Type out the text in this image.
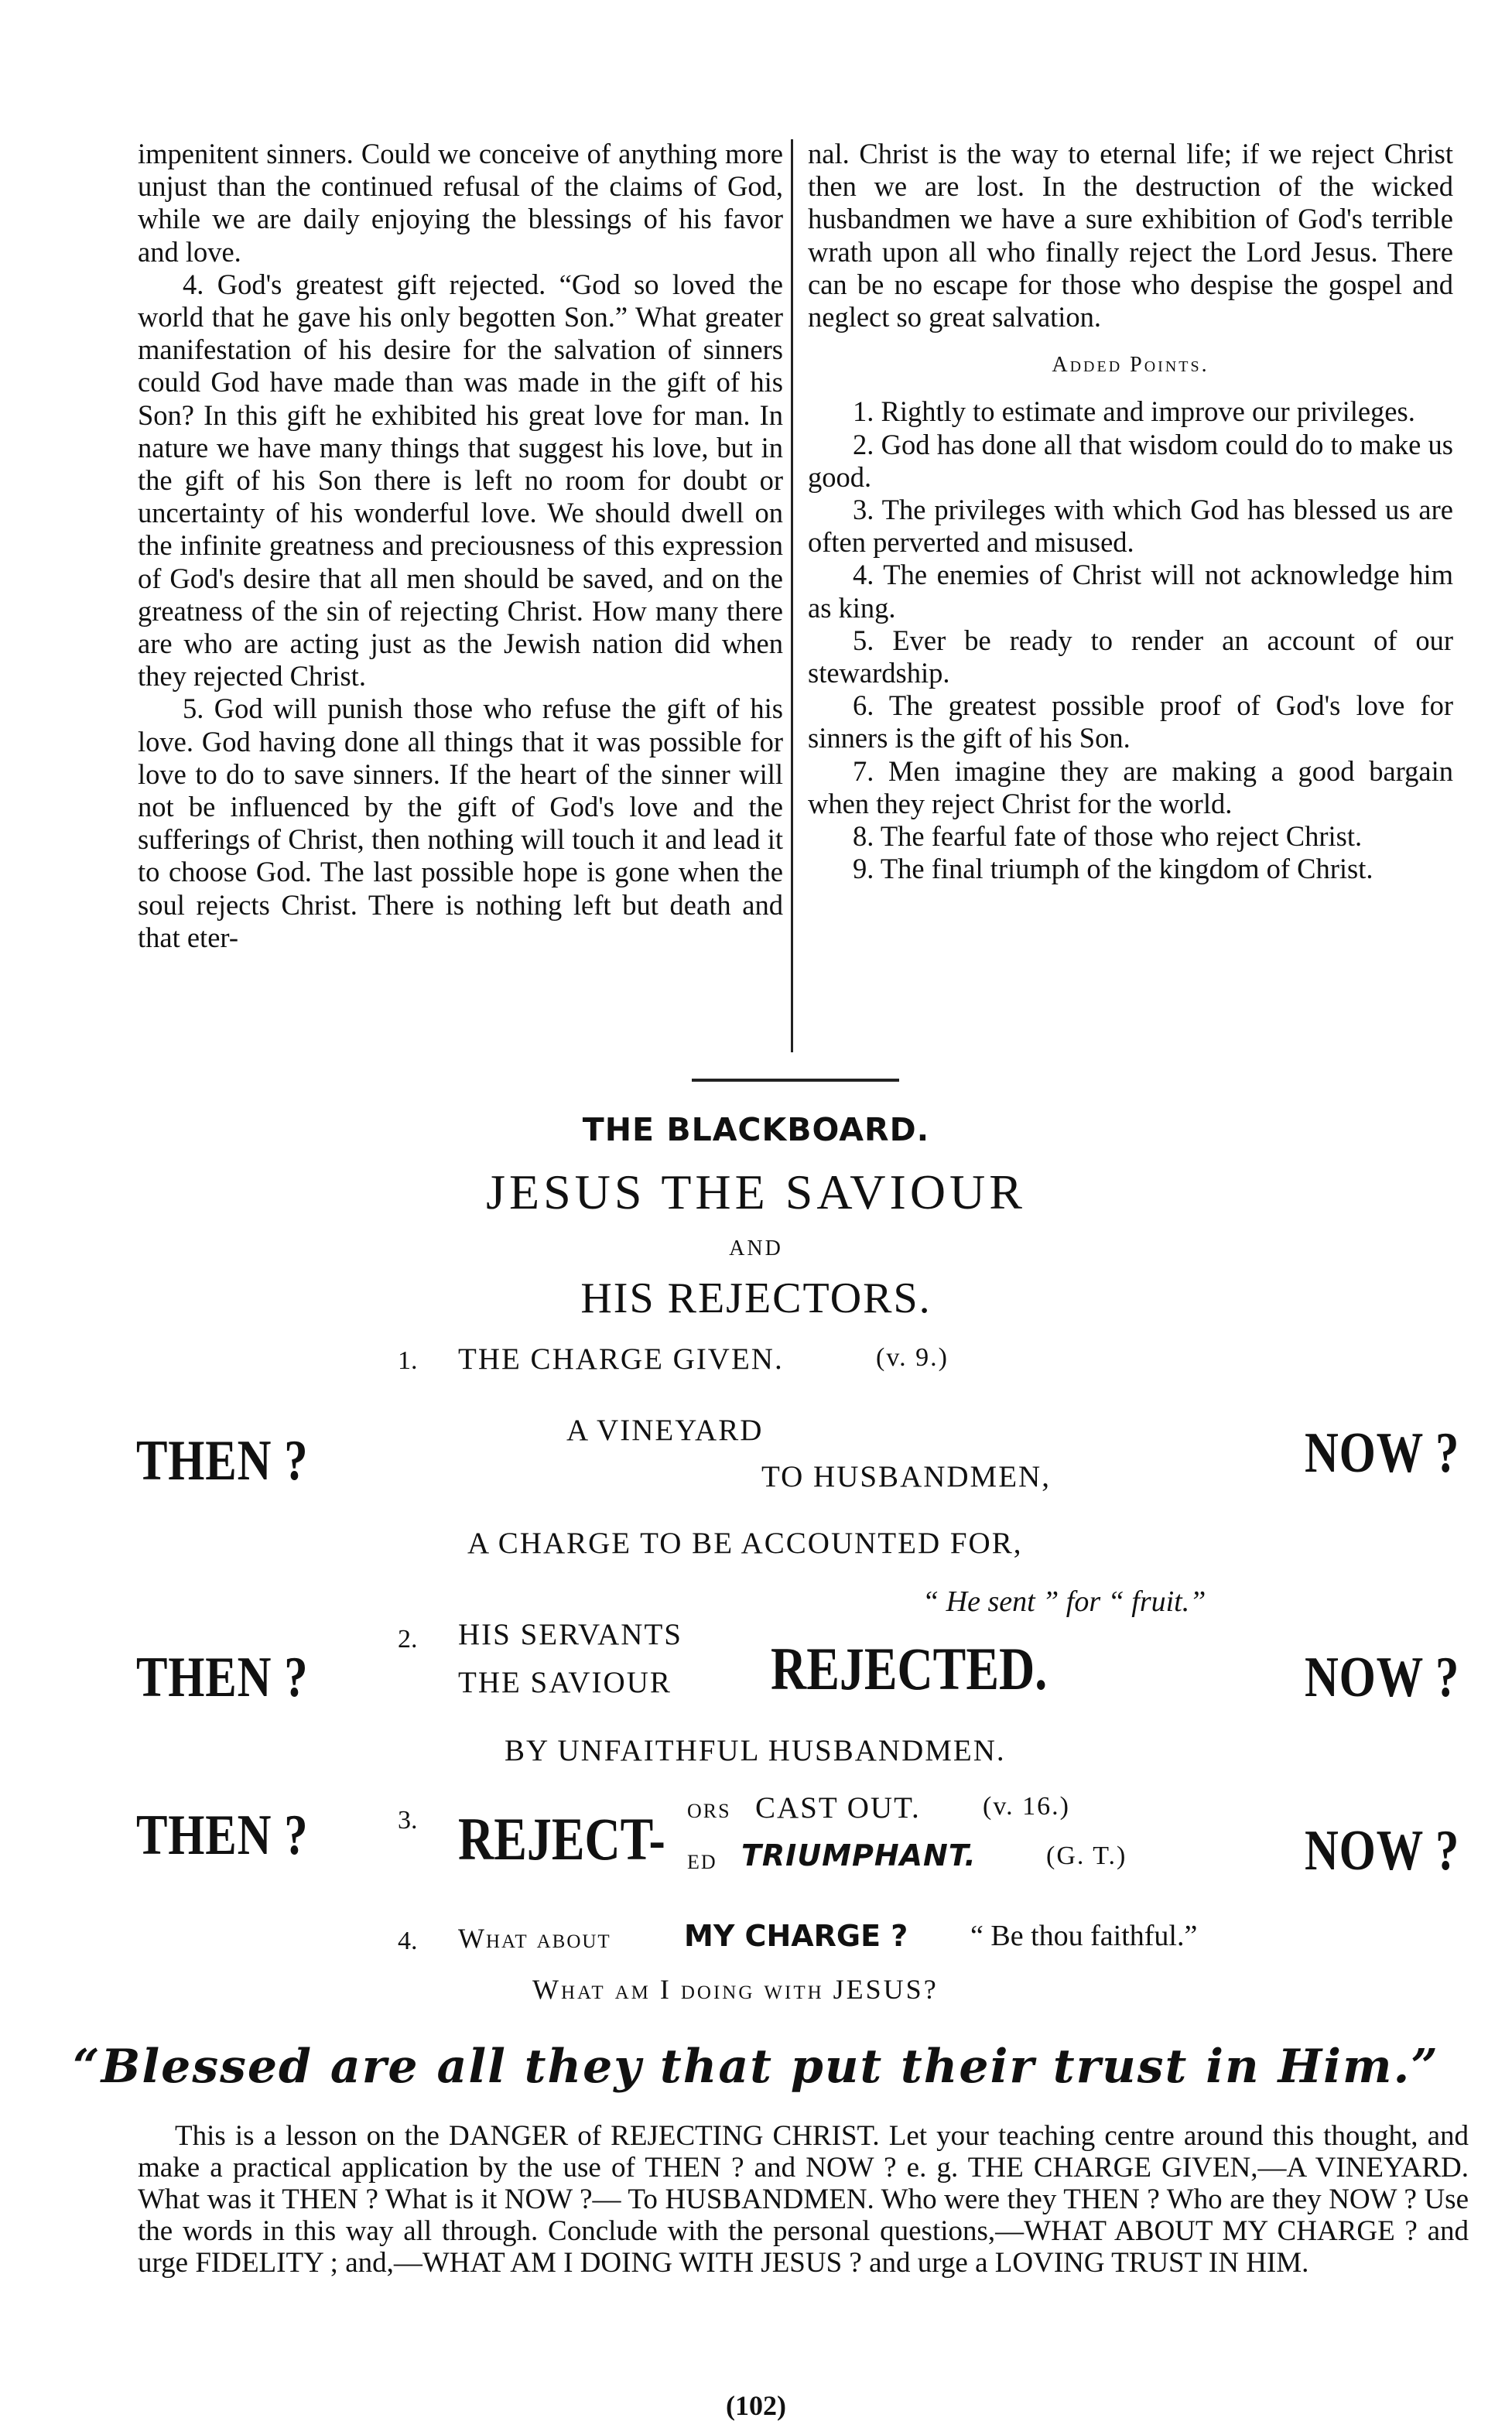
impenitent sinners. Could we conceive of anything more unjust than the continued refusal of the claims of God, while we are daily enjoying the blessings of his favor and love.

4. God's greatest gift rejected. “God so loved the world that he gave his only begotten Son.” What greater manifestation of his desire for the salvation of sinners could God have made than was made in the gift of his Son? In this gift he exhibited his great love for man. In nature we have many things that suggest his love, but in the gift of his Son there is left no room for doubt or uncertainty of his wonderful love. We should dwell on the infinite greatness and preciousness of this expression of God's desire that all men should be saved, and on the greatness of the sin of rejecting Christ. How many there are who are acting just as the Jewish nation did when they rejected Christ.

5. God will punish those who refuse the gift of his love. God having done all things that it was possible for love to do to save sinners. If the heart of the sinner will not be influenced by the gift of God's love and the sufferings of Christ, then nothing will touch it and lead it to choose God. The last possible hope is gone when the soul rejects Christ. There is nothing left but death and that eter-

nal. Christ is the way to eternal life; if we reject Christ then we are lost. In the destruction of the wicked husbandmen we have a sure exhibition of God's terrible wrath upon all who finally reject the Lord Jesus. There can be no escape for those who despise the gospel and neglect so great salvation.

Added Points.

1. Rightly to estimate and improve our privileges.

2. God has done all that wisdom could do to make us good.

3. The privileges with which God has blessed us are often perverted and misused.

4. The enemies of Christ will not acknowledge him as king.

5. Ever be ready to render an account of our stewardship.

6. The greatest possible proof of God's love for sinners is the gift of his Son.

7. Men imagine they are making a good bargain when they reject Christ for the world.

8. The fearful fate of those who reject Christ.

9. The final triumph of the kingdom of Christ.

THE BLACKBOARD.
JESUS THE SAVIOUR
AND
HIS REJECTORS.
1. THE CHARGE GIVEN.	(v. 9.)
THEN ?	A VINEYARD
TO HUSBANDMEN,	NOW ?
A CHARGE TO BE ACCOUNTED FOR,
“ He sent ” for “ fruit.”
2. HIS SERVANTS
THE SAVIOUR REJECTED.
THEN ?	NOW ?
BY UNFAITHFUL HUSBANDMEN.
THEN ?	3. REJECT- ORS CAST OUT. (v. 16.)
ED TRIUMPHANT.	(G. T.)	NOW ?
4. What about MY CHARGE ? “ Be thou faithful.”
What am I doing with JESUS?
“Blessed are all they that put their trust in Him.”
This is a lesson on the DANGER of REJECTING CHRIST. Let your teaching centre around this thought, and make a practical application by the use of THEN ? and NOW ? e. g. THE CHARGE GIVEN,—A VINEYARD. What was it THEN ? What is it NOW ?— To HUSBANDMEN. Who were they THEN ? Who are they NOW ? Use the words in this way all through. Conclude with the personal questions,—WHAT ABOUT MY CHARGE ? and urge FIDELITY ; and,—WHAT AM I DOING WITH JESUS ? and urge a LOVING TRUST IN HIM.
(102)
